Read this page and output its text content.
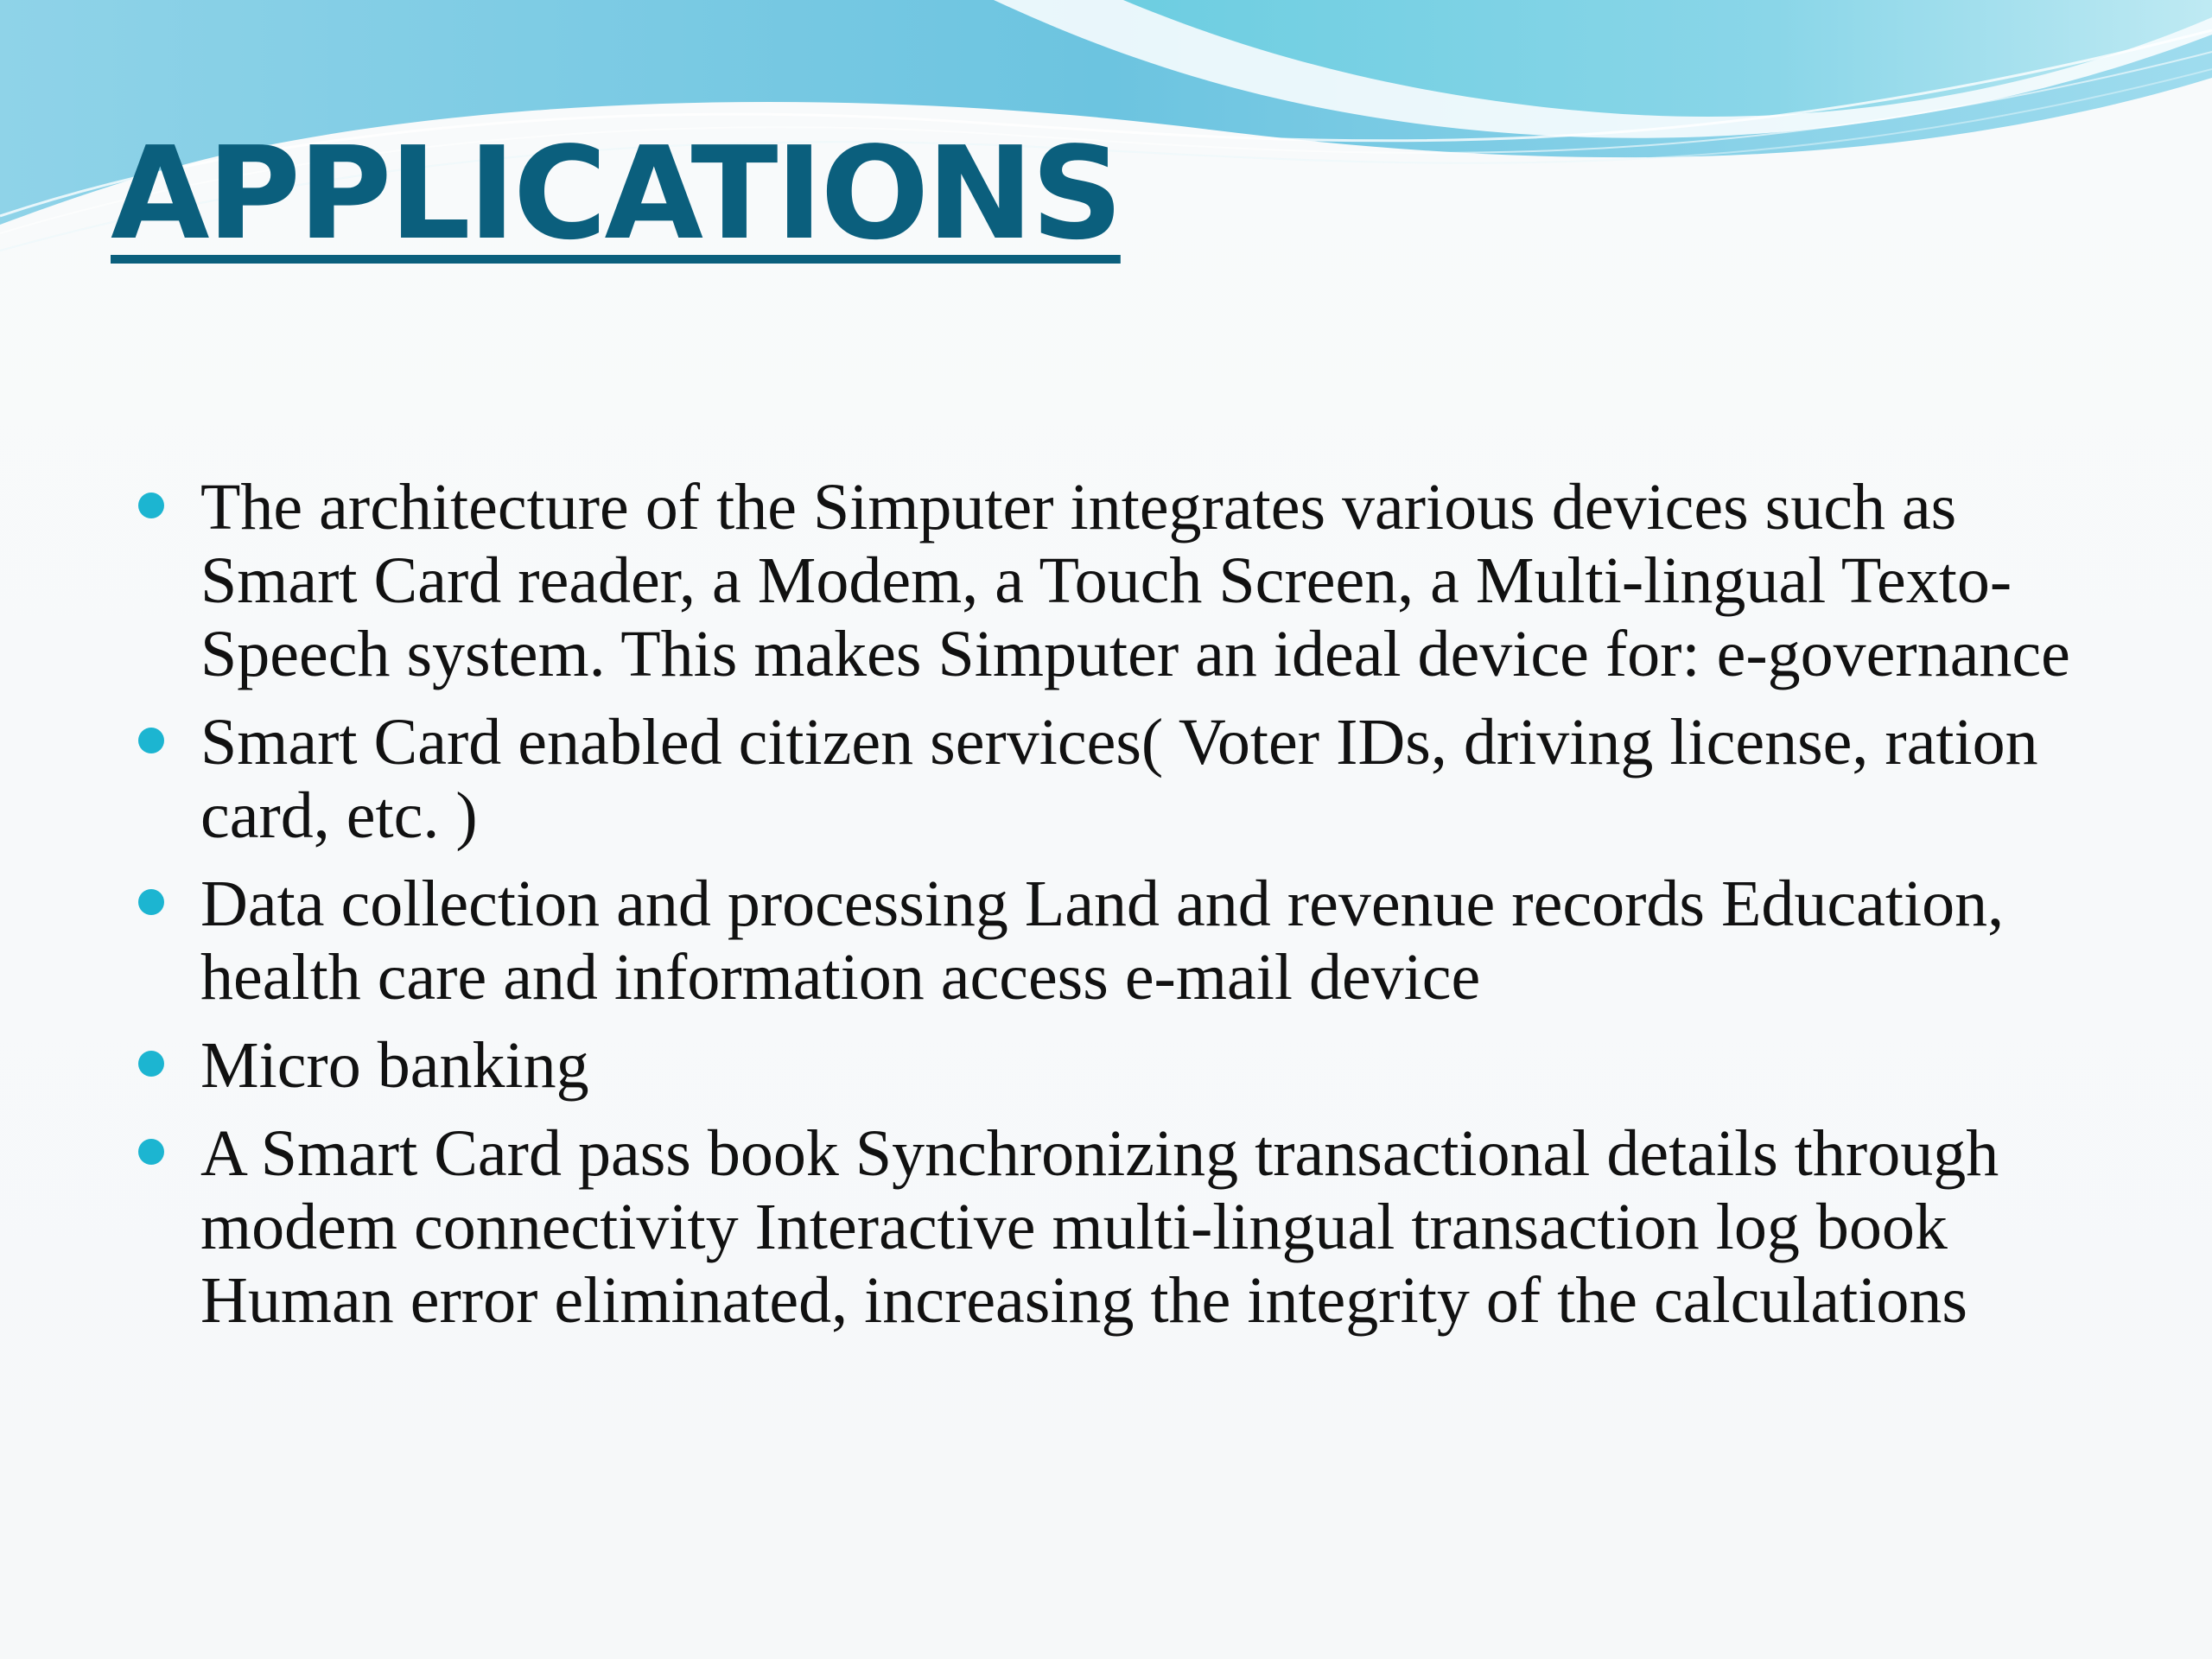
APPLICATIONS
The architecture of the Simputer integrates various devices such as Smart Card reader, a Modem, a Touch Screen, a Multi-lingual Texto-Speech system. This makes Simputer an ideal device for: e-governance
Smart Card enabled citizen services( Voter IDs, driving license, ration card, etc. )
Data collection and processing Land and revenue records Education, health care and information access e-mail device
Micro banking
A Smart Card pass book Synchronizing transactional details through modem connectivity Interactive multi-lingual transaction log book Human error eliminated, increasing the integrity of the calculations
